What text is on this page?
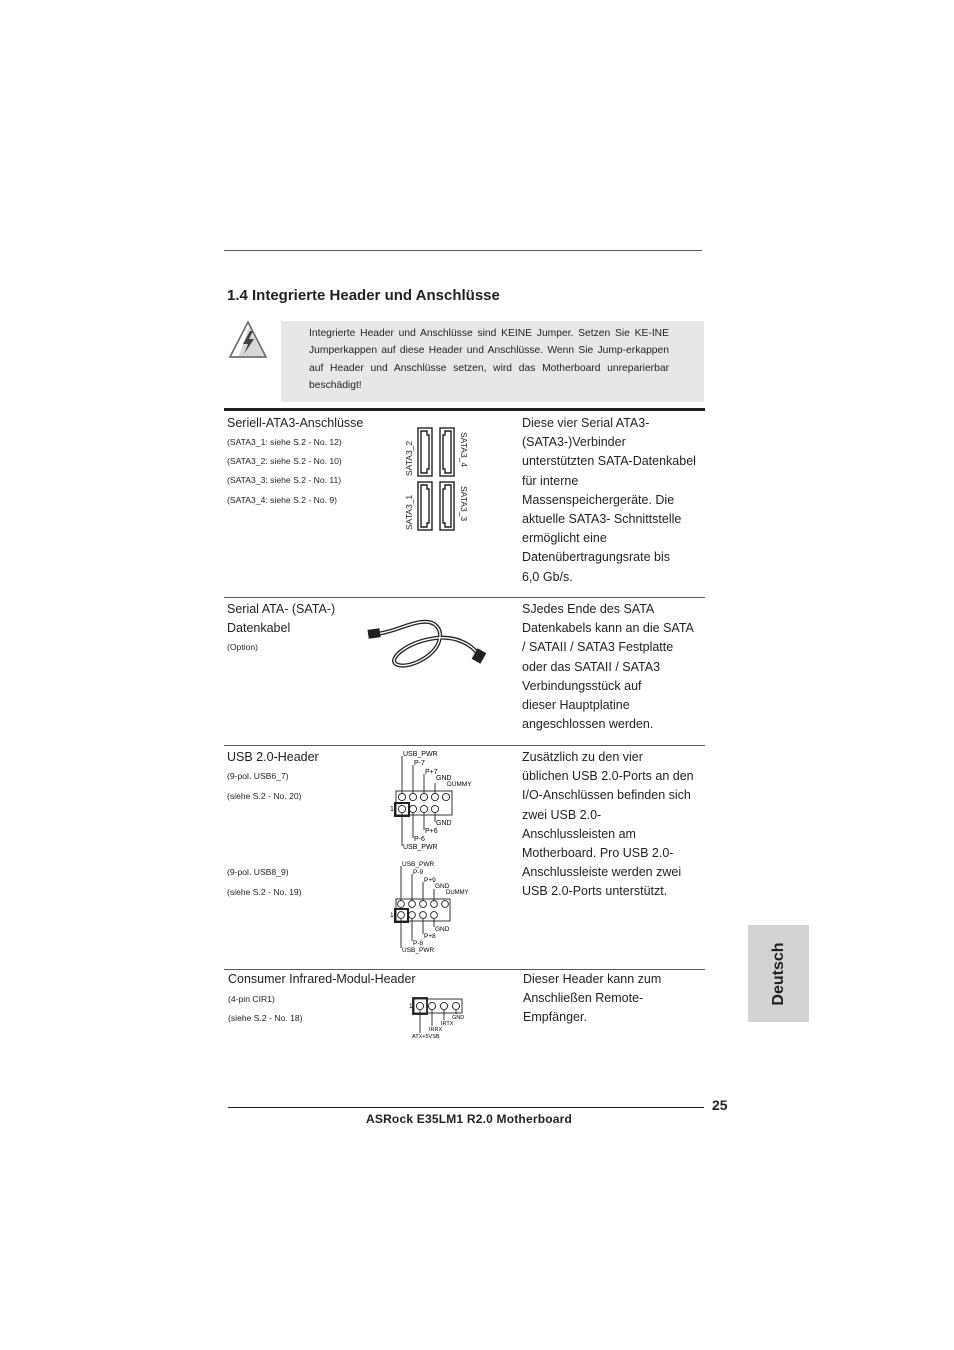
1.4 Integrierte Header und Anschlüsse
Integrierte Header und Anschlüsse sind KEINE Jumper. Setzen Sie KE-INE Jumperkappen auf diese Header und Anschlüsse. Wenn Sie Jump-erkappen auf Header und Anschlüsse setzen, wird das Motherboard unreparierbar beschädigt!
Seriell-ATA3-Anschlüsse
(SATA3_1: siehe S.2 - No. 12)
(SATA3_2: siehe S.2 - No. 10)
(SATA3_3: siehe S.2 - No. 11)
(SATA3_4: siehe S.2 - No. 9)
SATA3_2	SATA3_4
SATA3_1	SATA3_3
Diese vier Serial ATA3-
(SATA3-)Verbinder
unterstützten SATA-Datenkabel
für interne
Massenspeichergeräte. Die
aktuelle SATA3- Schnittstelle
ermöglicht eine
Datenübertragungsrate bis
6,0 Gb/s.
Serial ATA- (SATA-)
Datenkabel
(Option)
SJedes Ende des SATA
Datenkabels kann an die SATA
/ SATAII / SATA3 Festplatte
oder das SATAII / SATA3
Verbindungsstück auf
dieser Hauptplatine
angeschlossen werden.
USB 2.0-Header
(9-pol. USB6_7)
(siehe S.2 - No. 20)
(9-pol. USB8_9)
(siehe S.2 - No. 19)
USB_PWR
P-7
P+7
GND
DUMMY
GND
P+6
P-6
USB_PWR
1
USB_PWR
P-9
P+9
GND
DUMMY
GND
P+8
P-8
USB_PWR
1
Zusätzlich zu den vier
üblichen USB 2.0-Ports an den
I/O-Anschlüssen befinden sich
zwei USB 2.0-
Anschlussleisten am
Motherboard. Pro USB 2.0-
Anschlussleiste werden zwei
USB 2.0-Ports unterstützt.
Consumer Infrared-Modul-Header
(4-pin CIR1)
(siehe S.2 - No. 18)
1
GND
IRTX
IRRX
ATX+5VSB
Dieser Header kann zum
Anschließen Remote-
Empfänger.
Deutsch
25
ASRock E35LM1 R2.0 Motherboard
